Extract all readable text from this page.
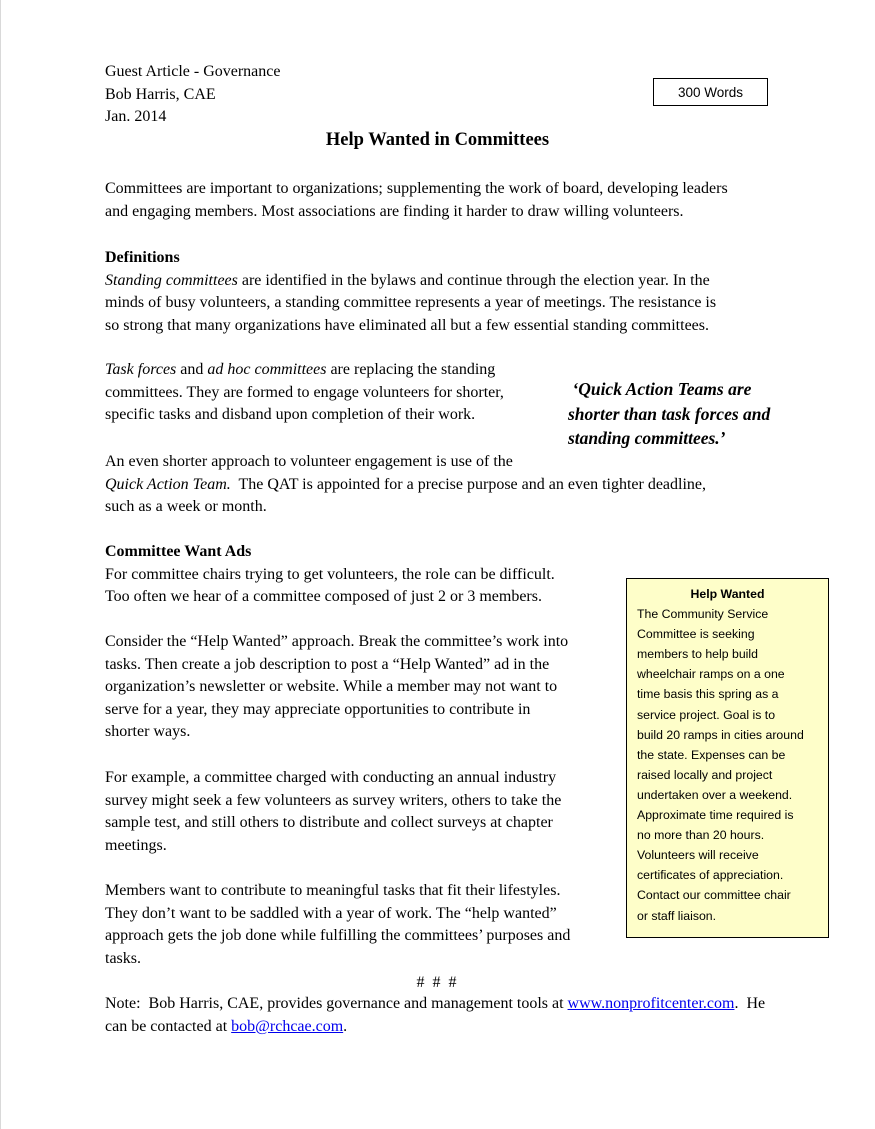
Guest Article - Governance
Bob Harris, CAE
Jan. 2014
300 Words
Help Wanted in Committees
Committees are important to organizations; supplementing the work of board, developing leaders
and engaging members. Most associations are finding it harder to draw willing volunteers.
Definitions
Standing committees are identified in the bylaws and continue through the election year. In the
minds of busy volunteers, a standing committee represents a year of meetings. The resistance is
so strong that many organizations have eliminated all but a few essential standing committees.
Task forces and ad hoc committees are replacing the standing
committees. They are formed to engage volunteers for shorter,
specific tasks and disband upon completion of their work.
‘Quick Action Teams are
shorter than task forces and
standing committees.’
An even shorter approach to volunteer engagement is use of the
Quick Action Team.  The QAT is appointed for a precise purpose and an even tighter deadline,
such as a week or month.
Committee Want Ads
For committee chairs trying to get volunteers, the role can be difficult.
Too often we hear of a committee composed of just 2 or 3 members.
Consider the “Help Wanted” approach. Break the committee’s work into
tasks. Then create a job description to post a “Help Wanted” ad in the
organization’s newsletter or website. While a member may not want to
serve for a year, they may appreciate opportunities to contribute in
shorter ways.
For example, a committee charged with conducting an annual industry
survey might seek a few volunteers as survey writers, others to take the
sample test, and still others to distribute and collect surveys at chapter
meetings.
Members want to contribute to meaningful tasks that fit their lifestyles.
They don’t want to be saddled with a year of work. The “help wanted”
approach gets the job done while fulfilling the committees’ purposes and
tasks.
Help Wanted
The Community Service
Committee is seeking
members to help build
wheelchair ramps on a one
time basis this spring as a
service project. Goal is to
build 20 ramps in cities around
the state. Expenses can be
raised locally and project
undertaken over a weekend.
Approximate time required is
no more than 20 hours.
Volunteers will receive
certificates of appreciation.
Contact our committee chair
or staff liaison.
# # #
Note:  Bob Harris, CAE, provides governance and management tools at www.nonprofitcenter.com.  He
can be contacted at bob@rchcae.com.
